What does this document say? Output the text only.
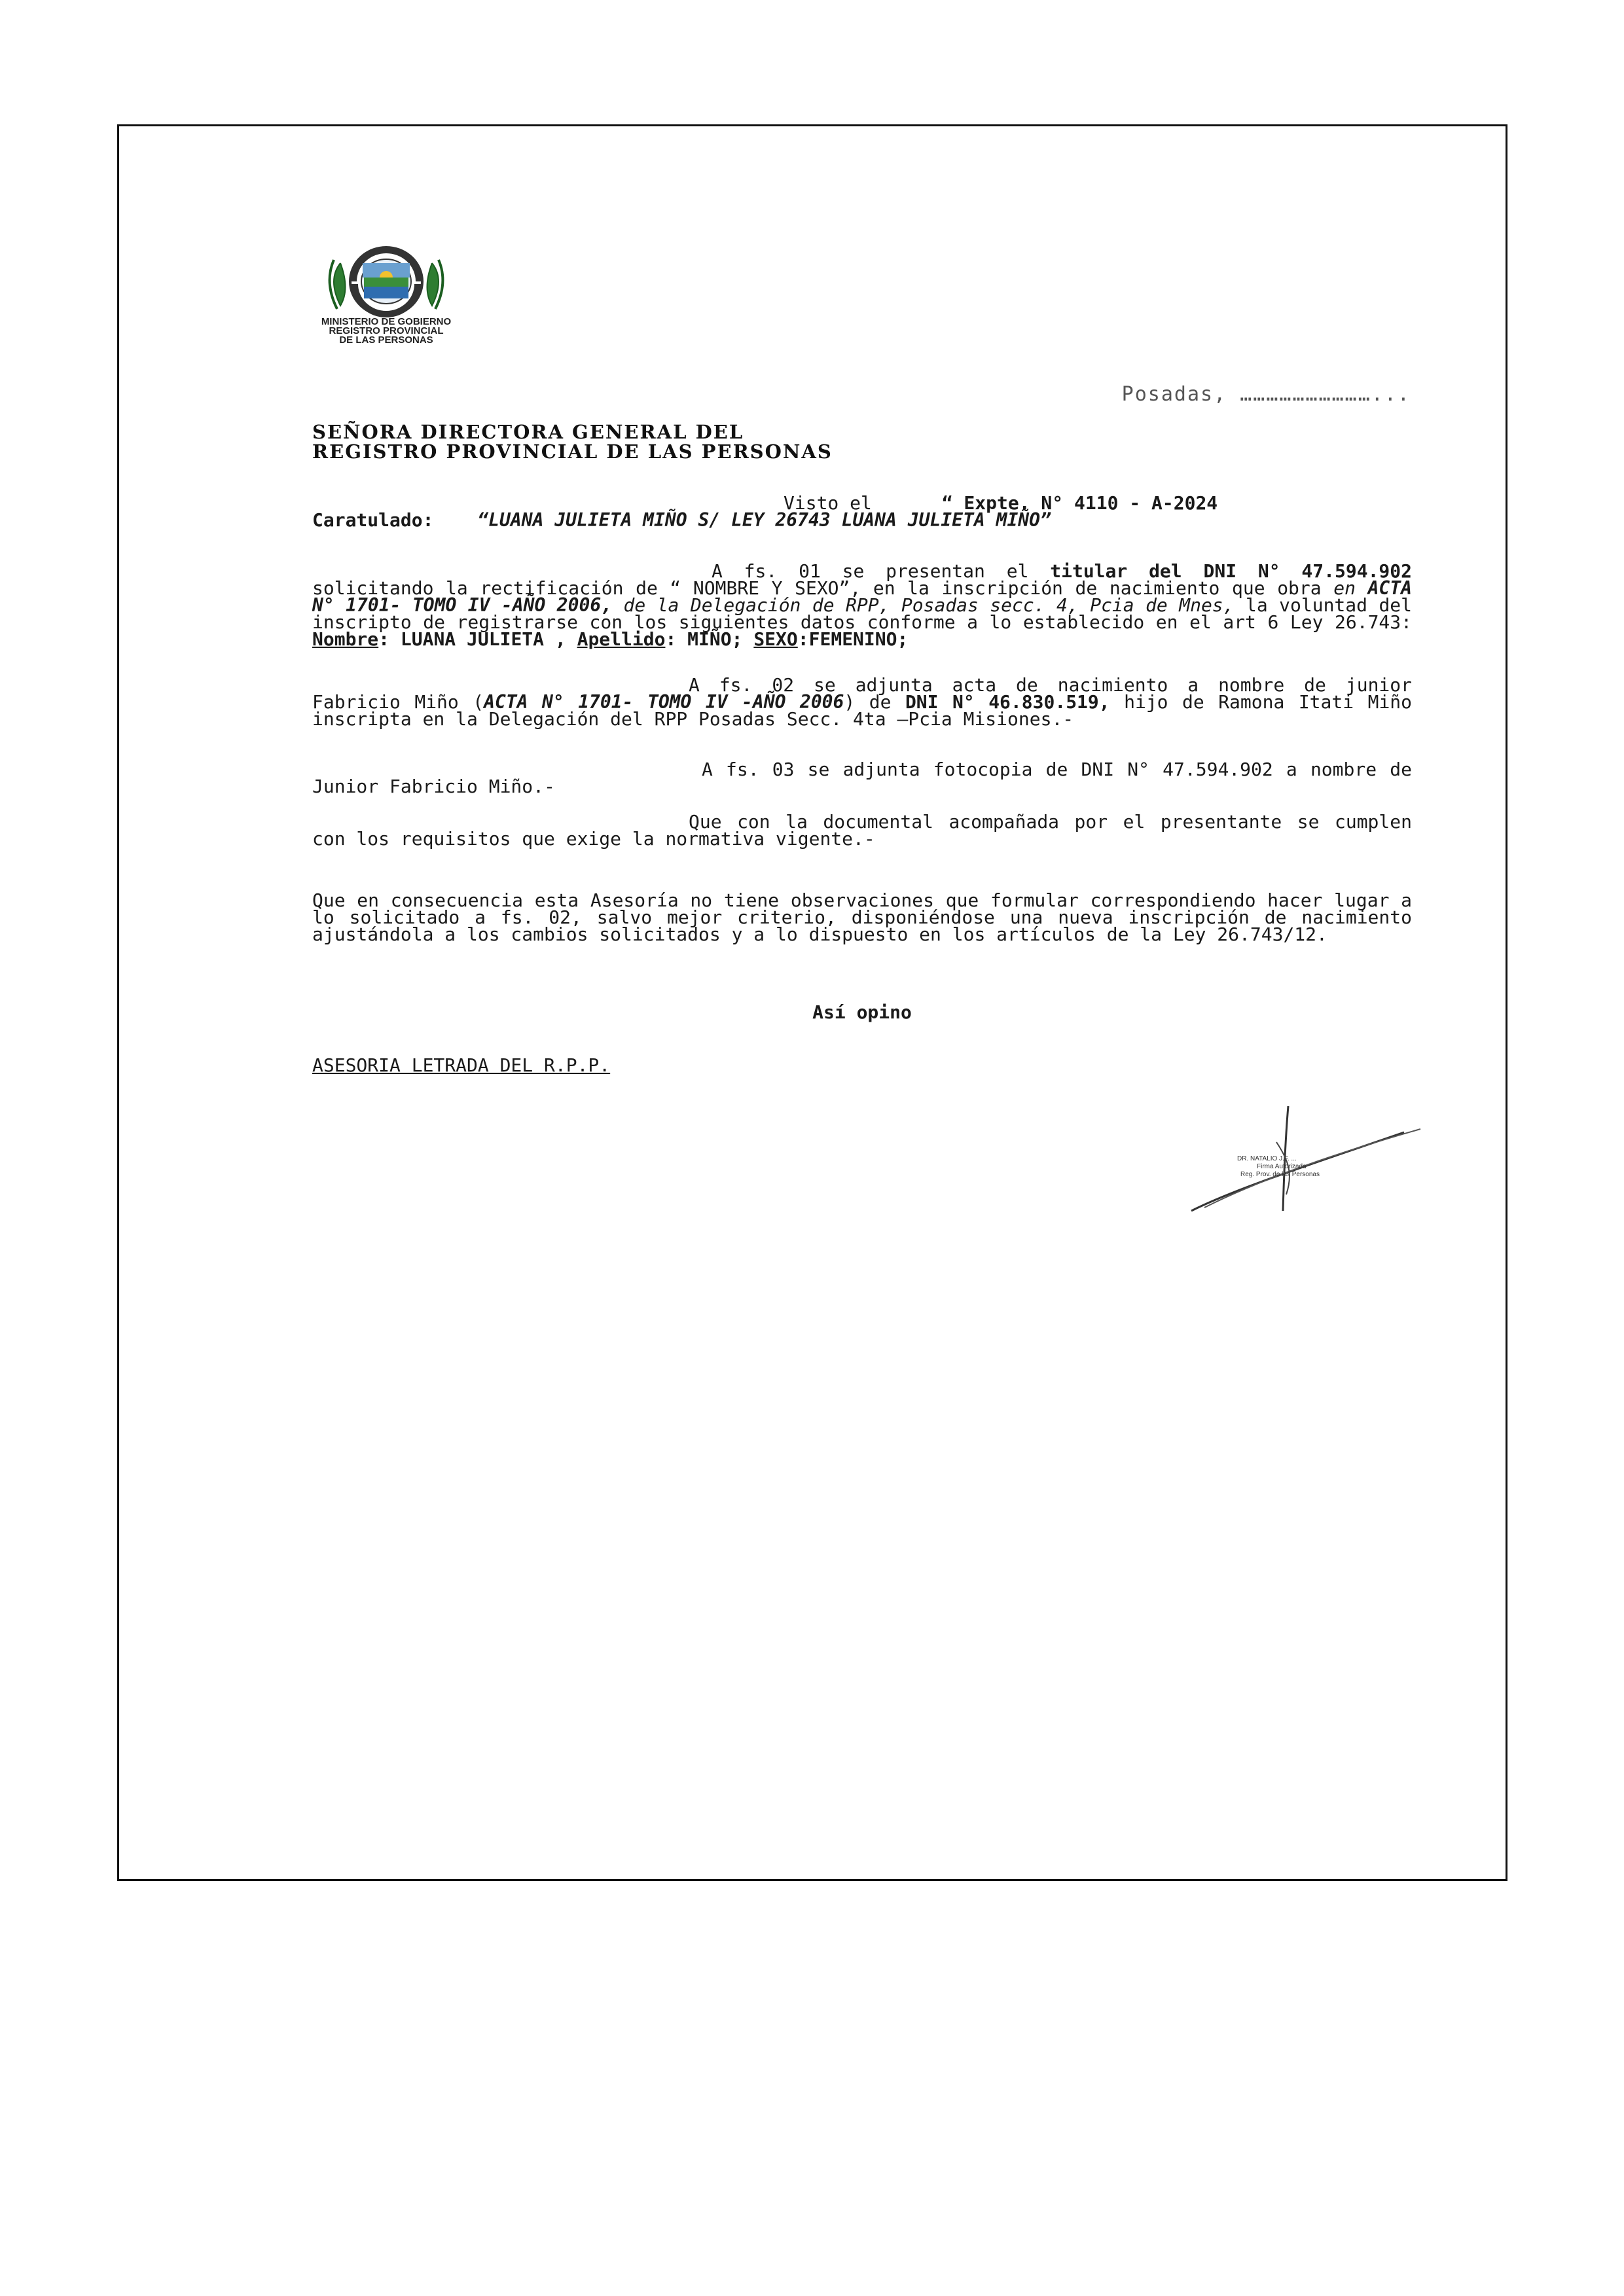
MINISTERIO DE GOBIERNO
REGISTRO PROVINCIAL
DE LAS PERSONAS
Posadas, …………………………...
SEÑORA DIRECTORA GENERAL DEL
REGISTRO PROVINCIAL DE LAS PERSONAS

Visto el	“ Expte. N° 4110 - A-2024

Caratulado: “LUANA JULIETA MIÑO S/ LEY 26743 LUANA JULIETA MIÑO”

A fs. 01 se presentan el titular del DNI N° 47.594.902 solicitando la rectificación de “ NOMBRE Y SEXO”, en la inscripción de nacimiento que obra en ACTA N° 1701- TOMO IV -AÑO 2006, de la Delegación de RPP, Posadas secc. 4, Pcia de Mnes, la voluntad del inscripto de registrarse con los siguientes datos conforme a lo establecido en el art 6 Ley 26.743: Nombre: LUANA JULIETA , Apellido: MIÑO; SEXO:FEMENINO;

A fs. 02 se adjunta acta de nacimiento a nombre de junior Fabricio Miño (ACTA N° 1701- TOMO IV -AÑO 2006) de DNI N° 46.830.519, hijo de Ramona Itati Miño inscripta en la Delegación del RPP Posadas Secc. 4ta –Pcia Misiones.-

A fs. 03 se adjunta fotocopia de DNI N° 47.594.902 a nombre de Junior Fabricio Miño.-

Que con la documental acompañada por el presentante se cumplen con los requisitos que exige la normativa vigente.-

Que en consecuencia esta Asesoría no tiene observaciones que formular correspondiendo hacer lugar a lo solicitado a fs. 02, salvo mejor criterio, disponiéndose una nueva inscripción de nacimiento ajustándola a los cambios solicitados y a lo dispuesto en los artículos de la Ley 26.743/12.

Así opino
ASESORIA LETRADA DEL R.P.P.
DR. NATALIO J.F. ...
Firma Autorizada
Reg. Prov. de las Personas
